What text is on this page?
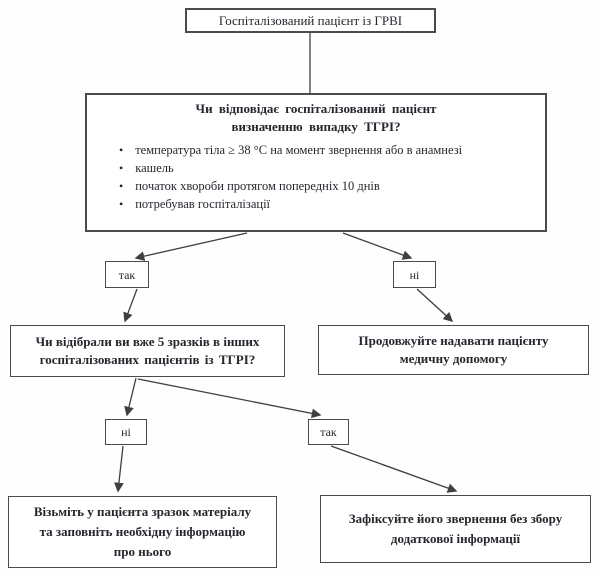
Госпіталізований пацієнт із ГРВІ
Чи відповідає госпіталізований пацієнт
визначенню випадку ТГРІ?
• температура тіла ≥ 38 °С на момент звернення або в анамнезі
• кашель
• початок хвороби протягом попередніх 10 днів
• потребував госпіталізації
так	ні
Чи відібрали ви вже 5 зразків в інших
госпіталізованих пацієнтів із ТГРІ?
Продовжуйте надавати пацієнту
медичну допомогу
ні	так
Візьміть у пацієнта зразок матеріалу
та заповніть необхідну інформацію
про нього
Зафіксуйте його звернення без збору
додаткової інформації
